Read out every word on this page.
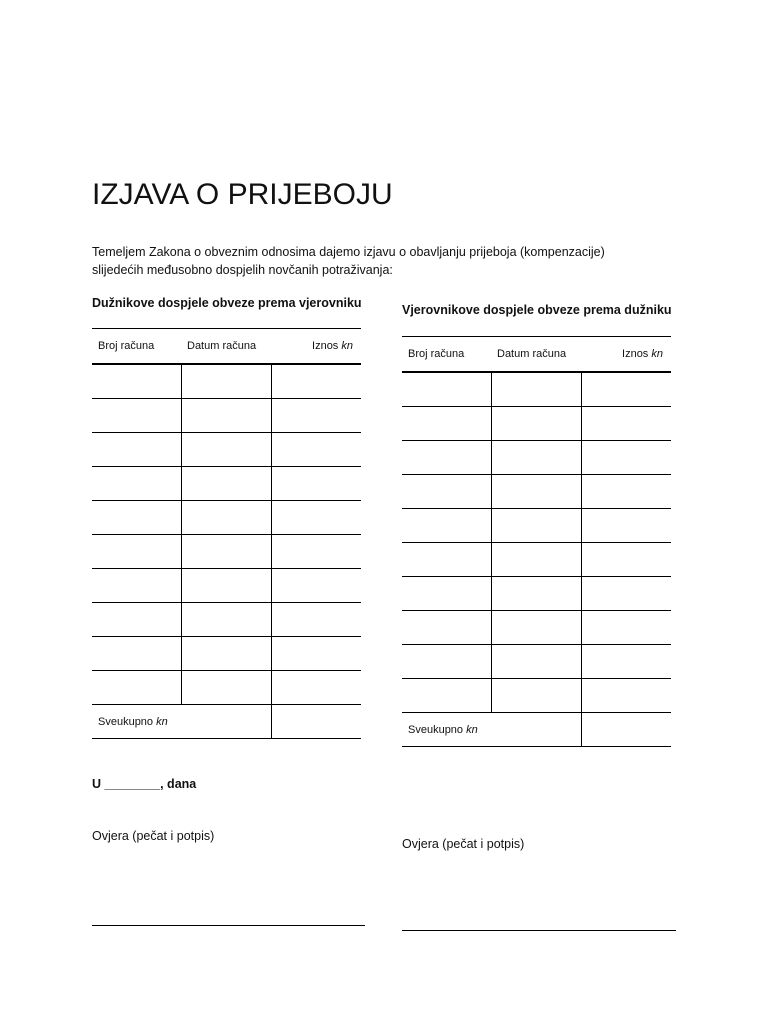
IZJAVA O PRIJEBOJU
Temeljem Zakona o obveznim odnosima dajemo izjavu o obavljanju prijeboja (kompenzacije)
slijedećih međusobno dospjelih novčanih potraživanja:
Dužnikove dospjele obveze prema vjerovniku
Broj računa	Datum računa	Iznos kn

Sveukupno kn		
Vjerovnikove dospjele obveze prema dužniku
Broj računa	Datum računa	Iznos kn

Sveukupno kn		
U ________, dana
Ovjera (pečat i potpis)
Ovjera (pečat i potpis)
